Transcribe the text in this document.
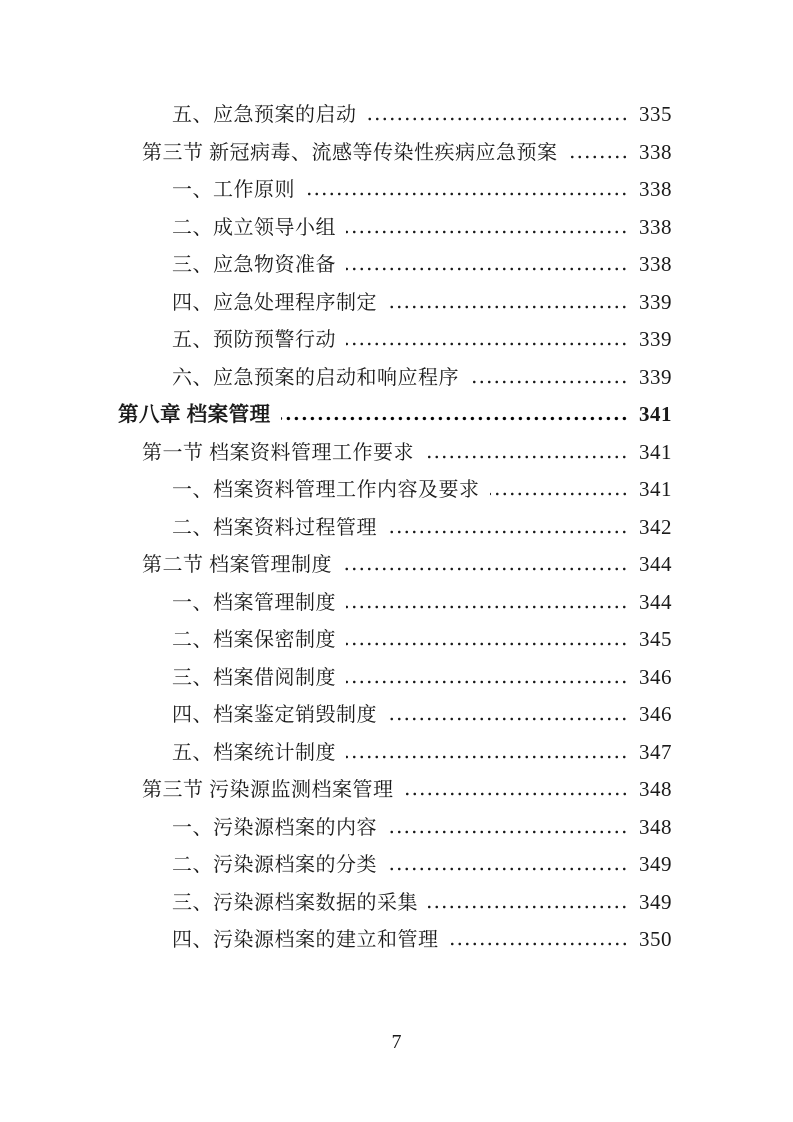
五、应急预案的启动	335
第三节 新冠病毒、流感等传染性疾病应急预案	338
一、工作原则	338
二、成立领导小组	338
三、应急物资准备	338
四、应急处理程序制定	339
五、预防预警行动	339
六、应急预案的启动和响应程序	339
第八章 档案管理	341
第一节 档案资料管理工作要求	341
一、档案资料管理工作内容及要求	341
二、档案资料过程管理	342
第二节 档案管理制度	344
一、档案管理制度	344
二、档案保密制度	345
三、档案借阅制度	346
四、档案鉴定销毁制度	346
五、档案统计制度	347
第三节 污染源监测档案管理	348
一、污染源档案的内容	348
二、污染源档案的分类	349
三、污染源档案数据的采集	349
四、污染源档案的建立和管理	350
7
